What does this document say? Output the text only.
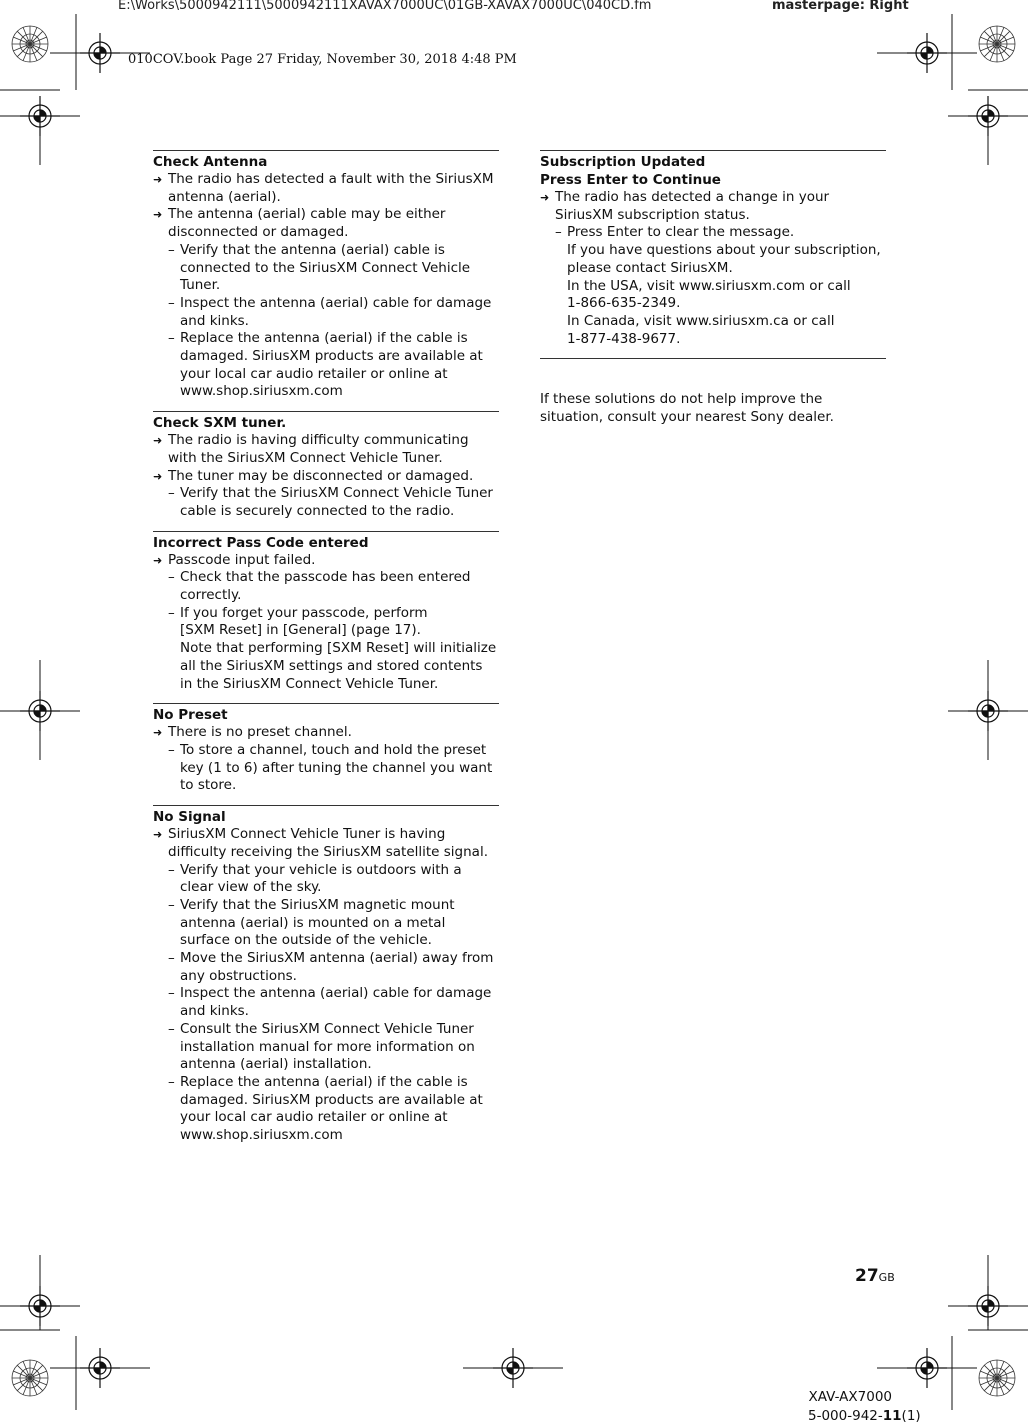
E:\Works\5000942111\5000942111XAVAX7000UC\01GB-XAVAX7000UC\040CD.fm	masterpage: Right
010COV.book Page 27 Friday, November 30, 2018 4:48 PM
Check Antenna
➜ The radio has detected a fault with the SiriusXM antenna (aerial).
➜ The antenna (aerial) cable may be either disconnected or damaged.
– Verify that the antenna (aerial) cable is connected to the SiriusXM Connect Vehicle Tuner.
– Inspect the antenna (aerial) cable for damage and kinks.
– Replace the antenna (aerial) if the cable is damaged. SiriusXM products are available at your local car audio retailer or online at www.shop.siriusxm.com
Check SXM tuner.
➜ The radio is having difficulty communicating with the SiriusXM Connect Vehicle Tuner.
➜ The tuner may be disconnected or damaged.
– Verify that the SiriusXM Connect Vehicle Tuner cable is securely connected to the radio.
Incorrect Pass Code entered
➜ Passcode input failed.
– Check that the passcode has been entered correctly.
– If you forget your passcode, perform
[SXM Reset] in [General] (page 17).
Note that performing [SXM Reset] will initialize all the SiriusXM settings and stored contents in the SiriusXM Connect Vehicle Tuner.
No Preset
➜ There is no preset channel.
– To store a channel, touch and hold the preset key (1 to 6) after tuning the channel you want to store.
No Signal
➜ SiriusXM Connect Vehicle Tuner is having difficulty receiving the SiriusXM satellite signal.
– Verify that your vehicle is outdoors with a clear view of the sky.
– Verify that the SiriusXM magnetic mount antenna (aerial) is mounted on a metal surface on the outside of the vehicle.
– Move the SiriusXM antenna (aerial) away from any obstructions.
– Inspect the antenna (aerial) cable for damage and kinks.
– Consult the SiriusXM Connect Vehicle Tuner installation manual for more information on antenna (aerial) installation.
– Replace the antenna (aerial) if the cable is damaged. SiriusXM products are available at your local car audio retailer or online at www.shop.siriusxm.com
Subscription Updated
Press Enter to Continue
➜ The radio has detected a change in your SiriusXM subscription status.
– Press Enter to clear the message.
If you have questions about your subscription, please contact SiriusXM.
In the USA, visit www.siriusxm.com or call
1-866-635-2349.
In Canada, visit www.siriusxm.ca or call
1-877-438-9677.
If these solutions do not help improve the situation, consult your nearest Sony dealer.
27GB
XAV-AX7000
5-000-942-11(1)
